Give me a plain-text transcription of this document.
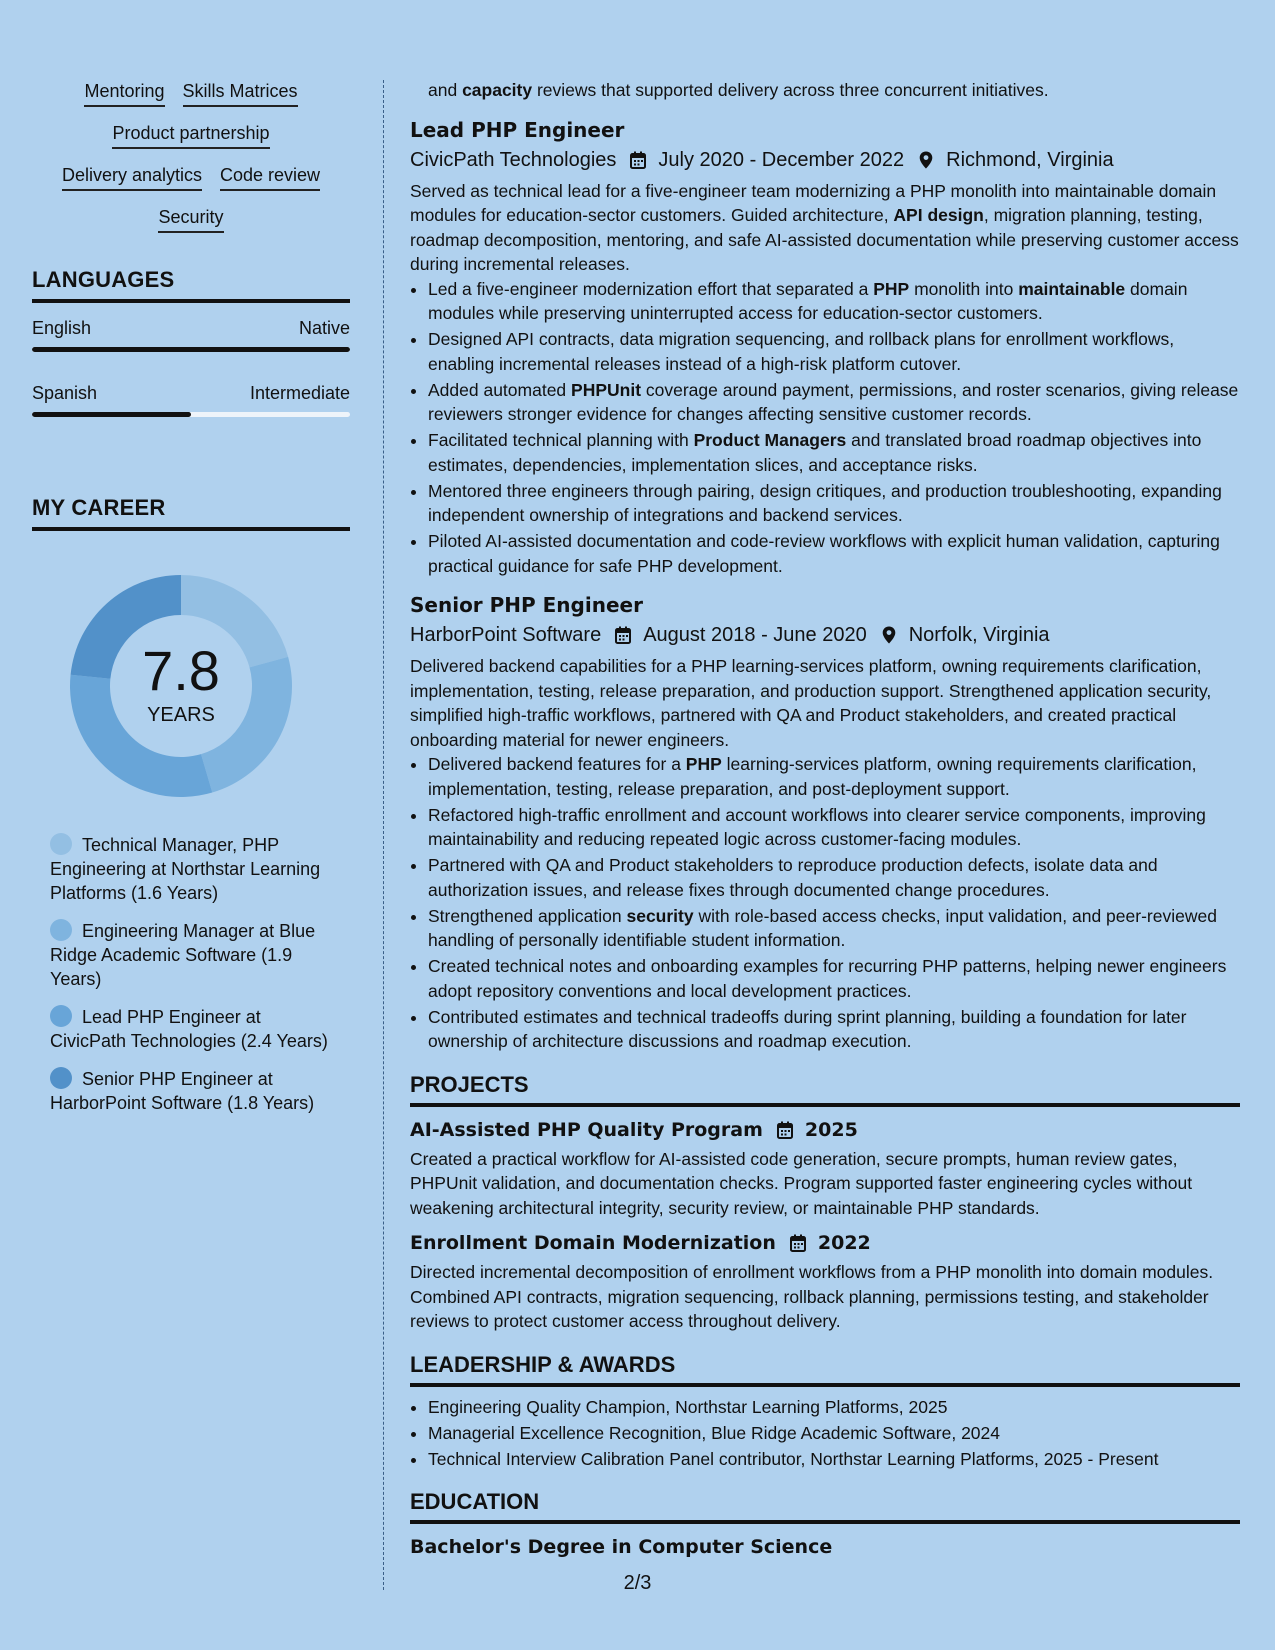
Mentoring Skills Matrices
Product partnership
Delivery analytics Code review
Security
LANGUAGES
English	Native
Spanish	Intermediate
MY CAREER
7.8
YEARS
Technical Manager, PHP Engineering at Northstar Learning Platforms (1.6 Years)
Engineering Manager at Blue Ridge Academic Software (1.9 Years)
Lead PHP Engineer at CivicPath Technologies (2.4 Years)
Senior PHP Engineer at HarborPoint Software (1.8 Years)

and capacity reviews that supported delivery across three concurrent initiatives.

Lead PHP Engineer
CivicPath Technologies July 2020 - December 2022 Richmond, Virginia

Served as technical lead for a five-engineer team modernizing a PHP monolith into maintainable domain modules for education-sector customers. Guided architecture, API design, migration planning, testing, roadmap decomposition, mentoring, and safe AI-assisted documentation while preserving customer access during incremental releases.

• Led a five-engineer modernization effort that separated a PHP monolith into maintainable domain modules while preserving uninterrupted access for education-sector customers.
• Designed API contracts, data migration sequencing, and rollback plans for enrollment workflows, enabling incremental releases instead of a high-risk platform cutover.
• Added automated PHPUnit coverage around payment, permissions, and roster scenarios, giving release reviewers stronger evidence for changes affecting sensitive customer records.
• Facilitated technical planning with Product Managers and translated broad roadmap objectives into estimates, dependencies, implementation slices, and acceptance risks.
• Mentored three engineers through pairing, design critiques, and production troubleshooting, expanding independent ownership of integrations and backend services.
• Piloted AI-assisted documentation and code-review workflows with explicit human validation, capturing practical guidance for safe PHP development.
Senior PHP Engineer
HarborPoint Software August 2018 - June 2020 Norfolk, Virginia

Delivered backend capabilities for a PHP learning-services platform, owning requirements clarification, implementation, testing, release preparation, and production support. Strengthened application security, simplified high-traffic workflows, partnered with QA and Product stakeholders, and created practical onboarding material for newer engineers.

• Delivered backend features for a PHP learning-services platform, owning requirements clarification, implementation, testing, release preparation, and post-deployment support.
• Refactored high-traffic enrollment and account workflows into clearer service components, improving maintainability and reducing repeated logic across customer-facing modules.
• Partnered with QA and Product stakeholders to reproduce production defects, isolate data and authorization issues, and release fixes through documented change procedures.
• Strengthened application security with role-based access checks, input validation, and peer-reviewed handling of personally identifiable student information.
• Created technical notes and onboarding examples for recurring PHP patterns, helping newer engineers adopt repository conventions and local development practices.
• Contributed estimates and technical tradeoffs during sprint planning, building a foundation for later ownership of architecture discussions and roadmap execution.
PROJECTS
AI-Assisted PHP Quality Program 2025

Created a practical workflow for AI-assisted code generation, secure prompts, human review gates, PHPUnit validation, and documentation checks. Program supported faster engineering cycles without weakening architectural integrity, security review, or maintainable PHP standards.

Enrollment Domain Modernization 2022

Directed incremental decomposition of enrollment workflows from a PHP monolith into domain modules. Combined API contracts, migration sequencing, rollback planning, permissions testing, and stakeholder reviews to protect customer access throughout delivery.

LEADERSHIP & AWARDS
• Engineering Quality Champion, Northstar Learning Platforms, 2025
• Managerial Excellence Recognition, Blue Ridge Academic Software, 2024
• Technical Interview Calibration Panel contributor, Northstar Learning Platforms, 2025 - Present
EDUCATION
Bachelor's Degree in Computer Science
2/3
